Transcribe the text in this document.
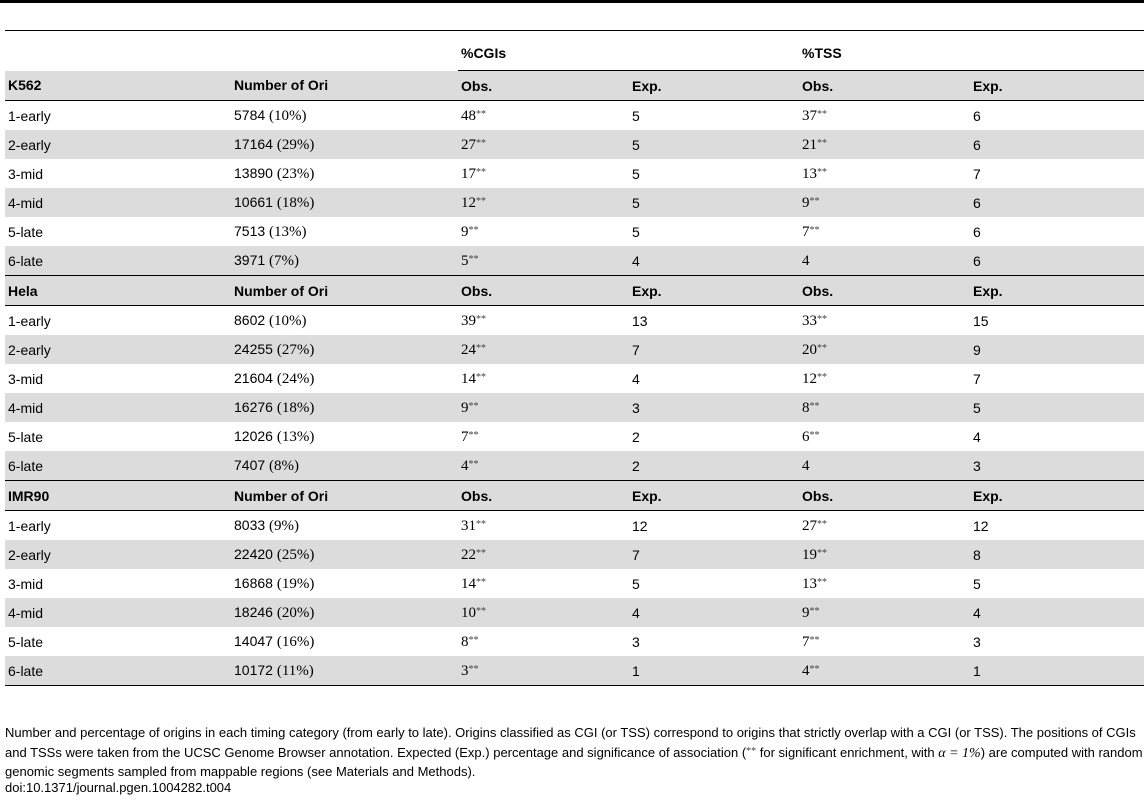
		%CGIs		%TSS	
K562	Number of Ori	Obs.	Exp.	Obs.	Exp.
1-early	5784 (10%)	48**	5	37**	6
2-early	17164 (29%)	27**	5	21**	6
3-mid	13890 (23%)	17**	5	13**	7
4-mid	10661 (18%)	12**	5	9**	6
5-late	7513 (13%)	9**	5	7**	6
6-late	3971 (7%)	5**	4	4	6
Hela	Number of Ori	Obs.	Exp.	Obs.	Exp.
1-early	8602 (10%)	39**	13	33**	15
2-early	24255 (27%)	24**	7	20**	9
3-mid	21604 (24%)	14**	4	12**	7
4-mid	16276 (18%)	9**	3	8**	5
5-late	12026 (13%)	7**	2	6**	4
6-late	7407 (8%)	4**	2	4	3
IMR90	Number of Ori	Obs.	Exp.	Obs.	Exp.
1-early	8033 (9%)	31**	12	27**	12
2-early	22420 (25%)	22**	7	19**	8
3-mid	16868 (19%)	14**	5	13**	5
4-mid	18246 (20%)	10**	4	9**	4
5-late	14047 (16%)	8**	3	7**	3
6-late	10172 (11%)	3**	1	4**	1
Number and percentage of origins in each timing category (from early to late). Origins classified as CGI (or TSS) correspond to origins that strictly overlap with a CGI (or TSS). The positions of CGIs and TSSs were taken from the UCSC Genome Browser annotation. Expected (Exp.) percentage and significance of association (** for significant enrichment, with α = 1%) are computed with random genomic segments sampled from mappable regions (see Materials and Methods).
doi:10.1371/journal.pgen.1004282.t004
